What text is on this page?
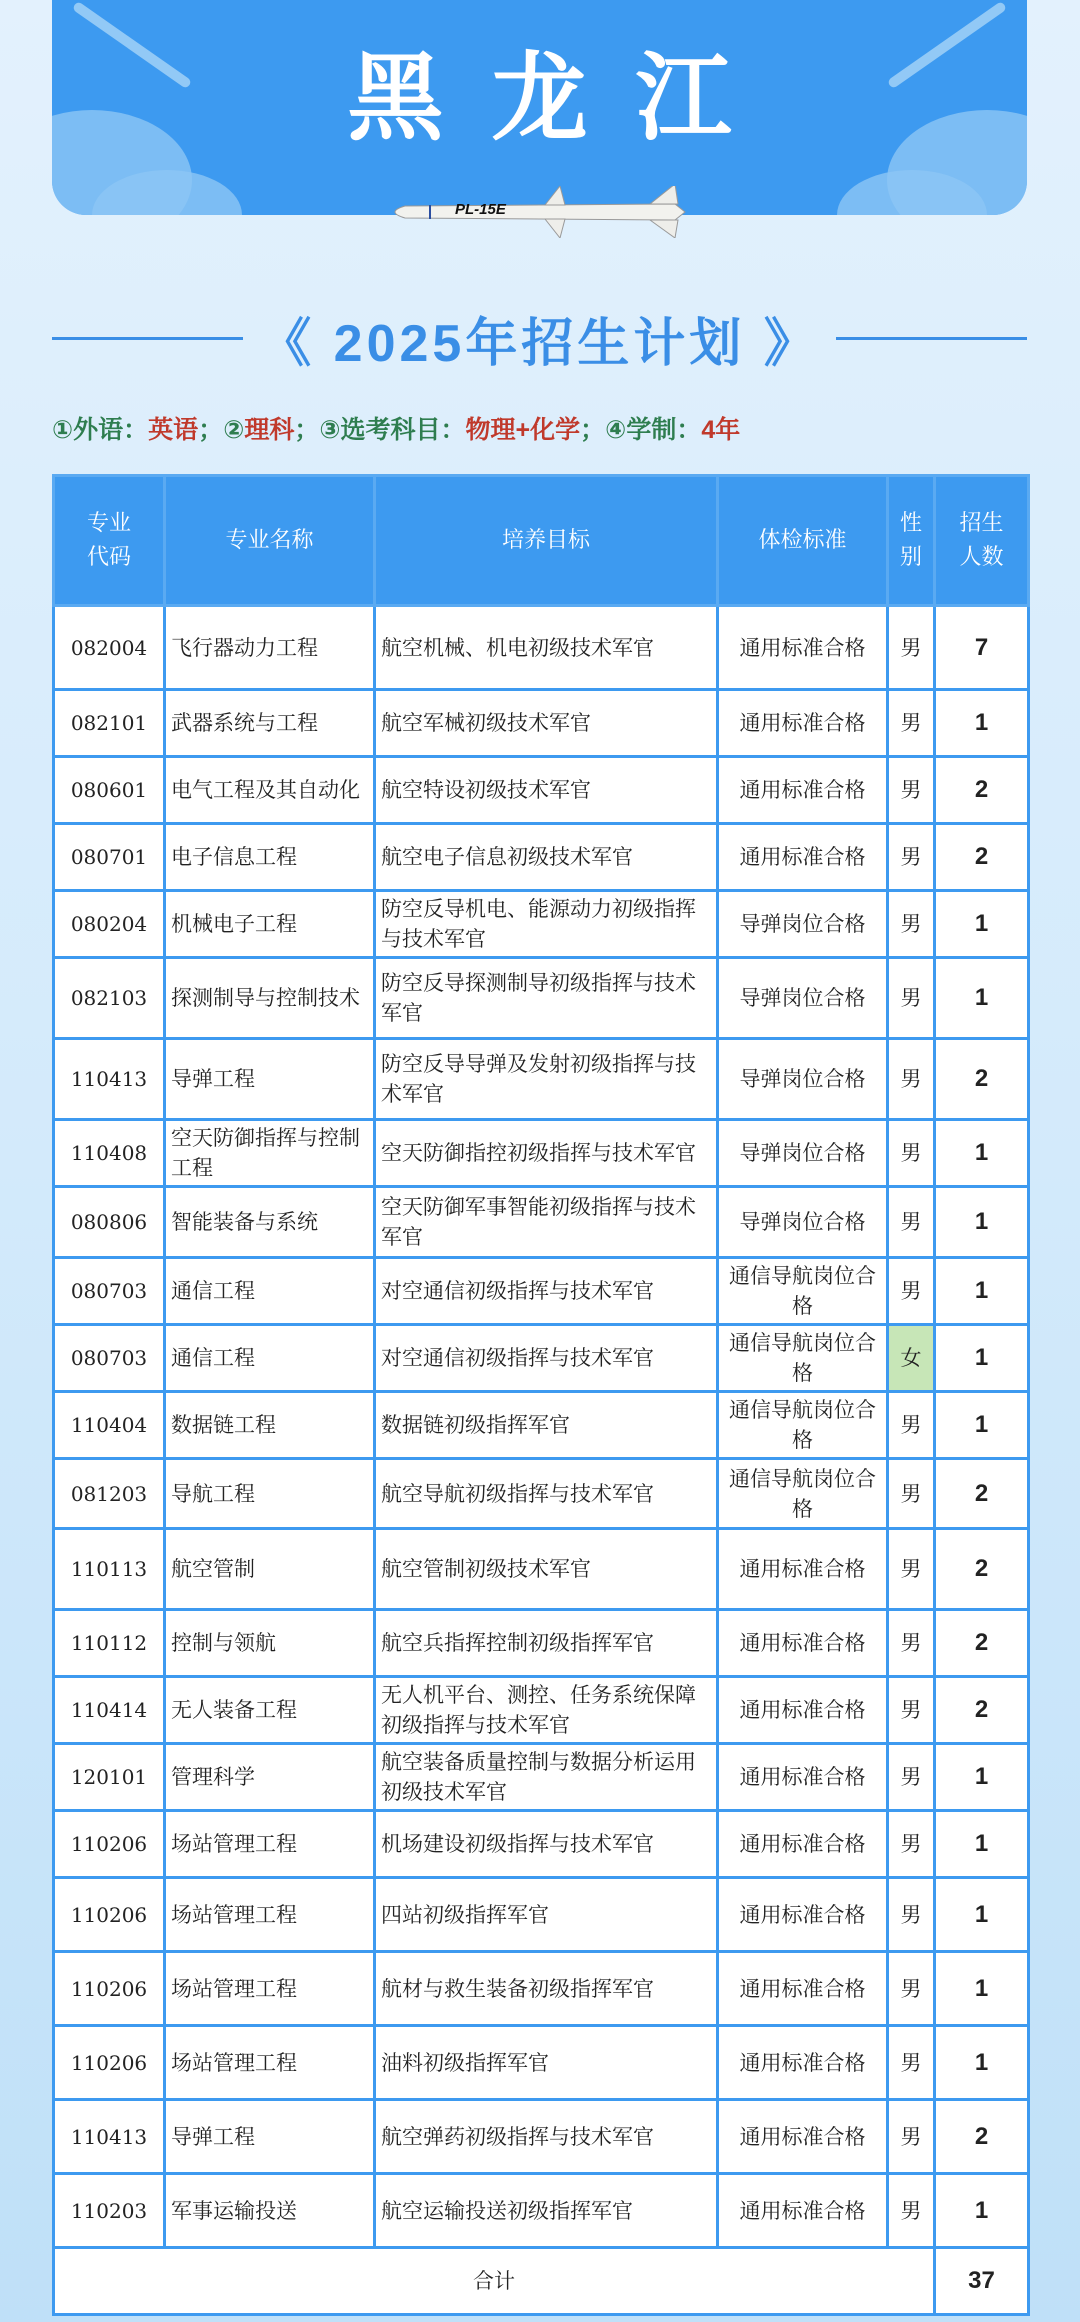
黑龙江
PL-15E
《 2025年招生计划 》
①外语：英语；②理科；③选考科目：物理+化学；④学制：4年
专业代码	专业名称	培养目标	体检标准	性别	招生人数
082004	飞行器动力工程	航空机械、机电初级技术军官	通用标准合格	男	7
082101	武器系统与工程	航空军械初级技术军官	通用标准合格	男	1
080601	电气工程及其自动化	航空特设初级技术军官	通用标准合格	男	2
080701	电子信息工程	航空电子信息初级技术军官	通用标准合格	男	2
080204	机械电子工程	防空反导机电、能源动力初级指挥与技术军官	导弹岗位合格	男	1
082103	探测制导与控制技术	防空反导探测制导初级指挥与技术军官	导弹岗位合格	男	1
110413	导弹工程	防空反导导弹及发射初级指挥与技术军官	导弹岗位合格	男	2
110408	空天防御指挥与控制工程	空天防御指控初级指挥与技术军官	导弹岗位合格	男	1
080806	智能装备与系统	空天防御军事智能初级指挥与技术军官	导弹岗位合格	男	1
080703	通信工程	对空通信初级指挥与技术军官	通信导航岗位合格	男	1
080703	通信工程	对空通信初级指挥与技术军官	通信导航岗位合格	女	1
110404	数据链工程	数据链初级指挥军官	通信导航岗位合格	男	1
081203	导航工程	航空导航初级指挥与技术军官	通信导航岗位合格	男	2
110113	航空管制	航空管制初级技术军官	通用标准合格	男	2
110112	控制与领航	航空兵指挥控制初级指挥军官	通用标准合格	男	2
110414	无人装备工程	无人机平台、测控、任务系统保障初级指挥与技术军官	通用标准合格	男	2
120101	管理科学	航空装备质量控制与数据分析运用初级技术军官	通用标准合格	男	1
110206	场站管理工程	机场建设初级指挥与技术军官	通用标准合格	男	1
110206	场站管理工程	四站初级指挥军官	通用标准合格	男	1
110206	场站管理工程	航材与救生装备初级指挥军官	通用标准合格	男	1
110206	场站管理工程	油料初级指挥军官	通用标准合格	男	1
110413	导弹工程	航空弹药初级指挥与技术军官	通用标准合格	男	2
110203	军事运输投送	航空运输投送初级指挥军官	通用标准合格	男	1
合计					37
